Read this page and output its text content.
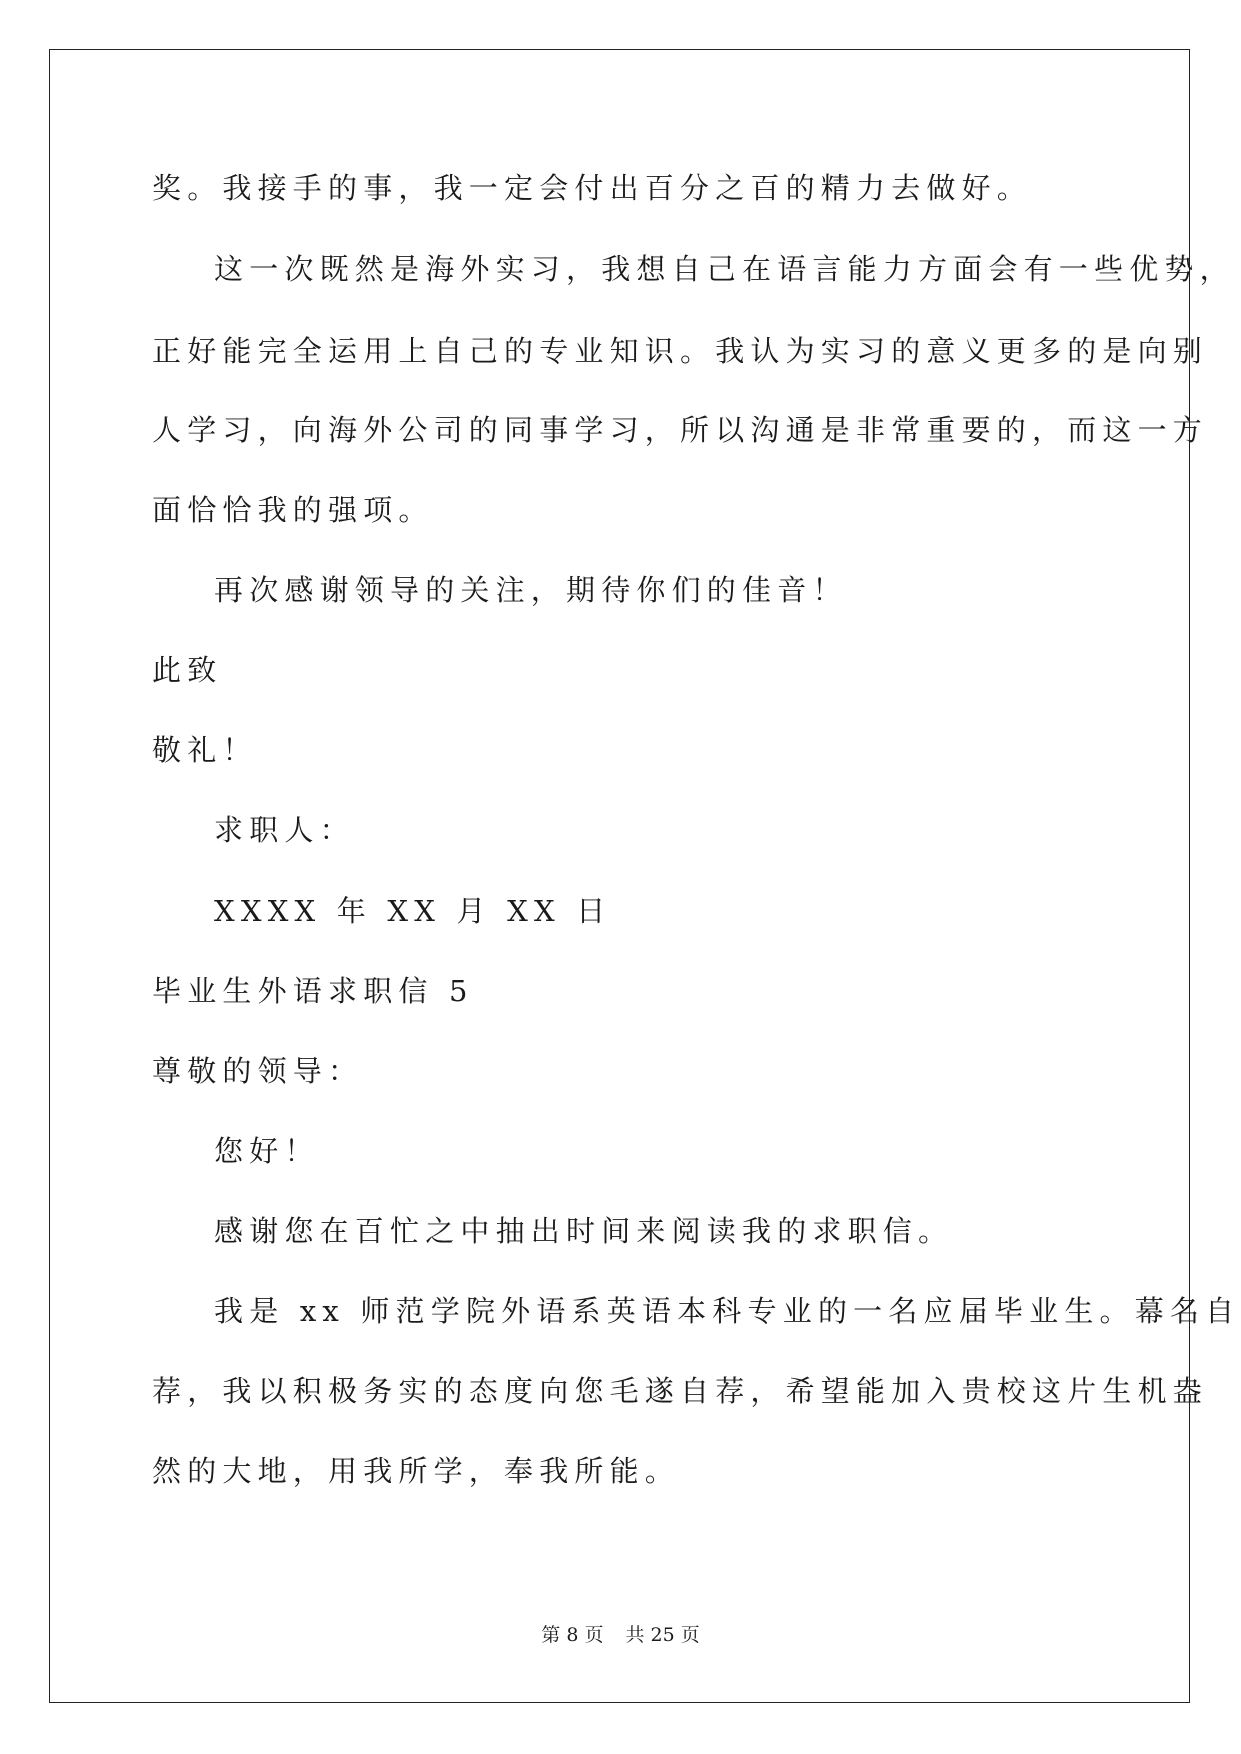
奖。我接手的事，我一定会付出百分之百的精力去做好。
这一次既然是海外实习，我想自己在语言能力方面会有一些优势，
正好能完全运用上自己的专业知识。我认为实习的意义更多的是向别
人学习，向海外公司的同事学习，所以沟通是非常重要的，而这一方
面恰恰我的强项。
再次感谢领导的关注，期待你们的佳音！
此致
敬礼！
求职人：
XXXX 年 XX 月 XX 日
毕业生外语求职信 5
尊敬的领导：
您好！
感谢您在百忙之中抽出时间来阅读我的求职信。
我是 xx 师范学院外语系英语本科专业的一名应届毕业生。幕名自
荐，我以积极务实的态度向您毛遂自荐，希望能加入贵校这片生机盎
然的大地，用我所学，奉我所能。
第 8 页 共 25 页
